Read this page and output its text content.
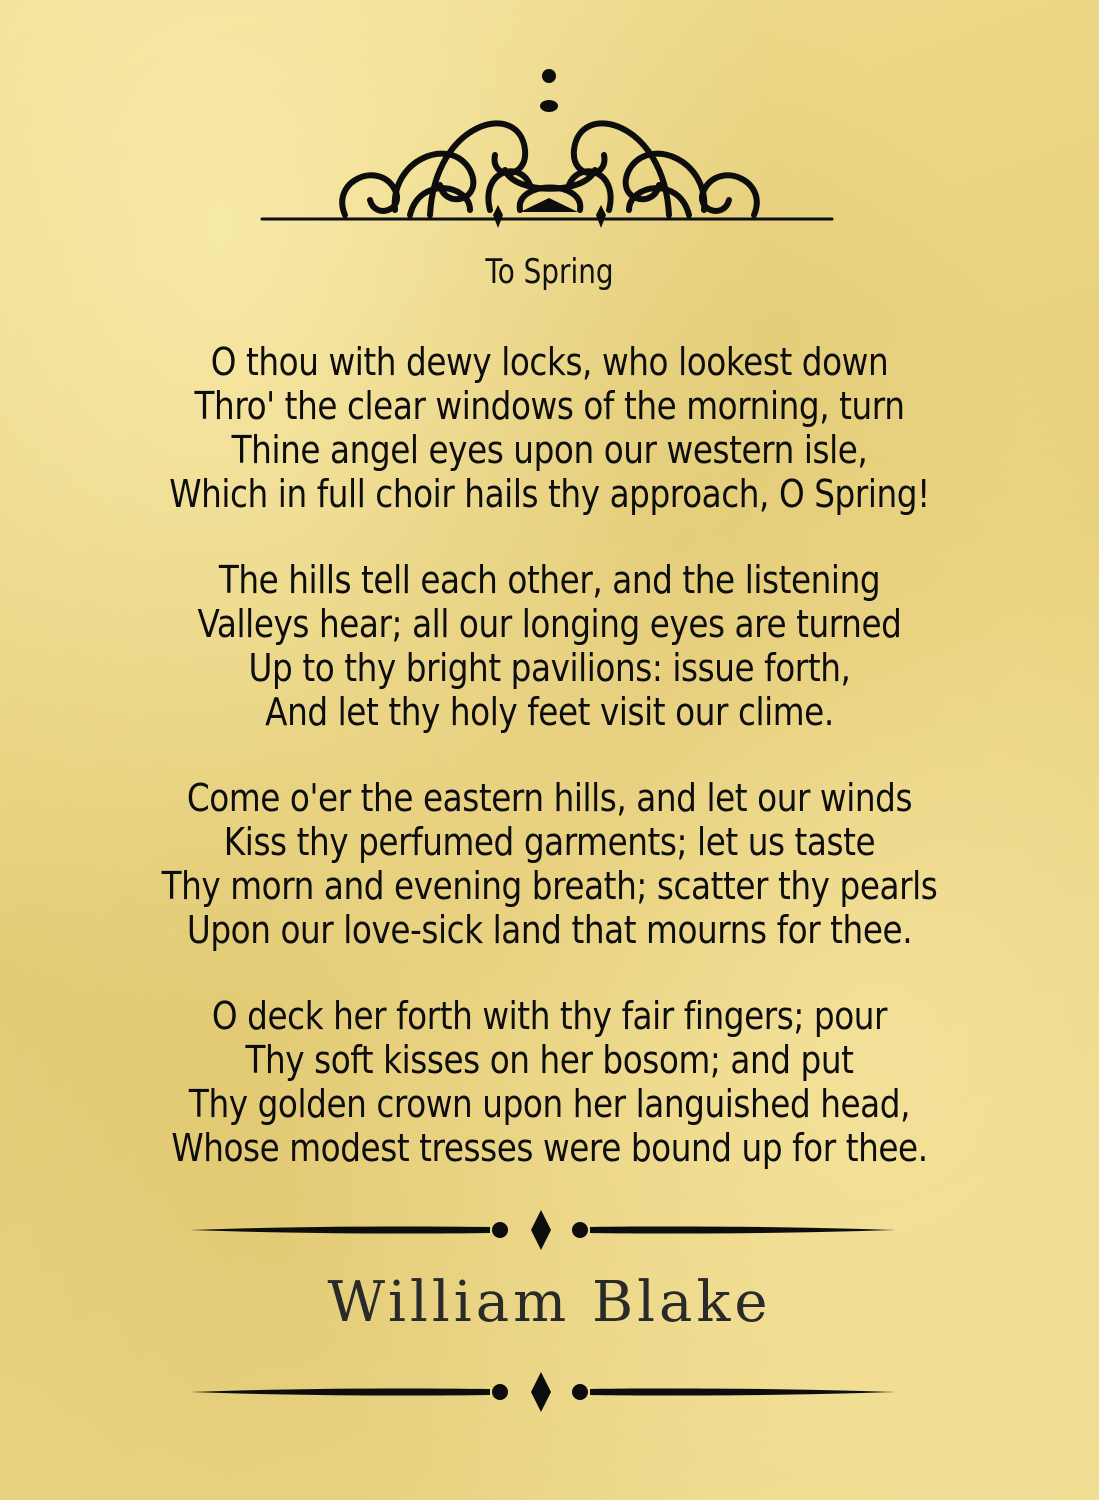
To Spring
O thou with dewy locks, who lookest down
Thro' the clear windows of the morning, turn
Thine angel eyes upon our western isle,
Which in full choir hails thy approach, O Spring!
The hills tell each other, and the listening
Valleys hear; all our longing eyes are turned
Up to thy bright pavilions: issue forth,
And let thy holy feet visit our clime.
Come o'er the eastern hills, and let our winds
Kiss thy perfumed garments; let us taste
Thy morn and evening breath; scatter thy pearls
Upon our love-sick land that mourns for thee.
O deck her forth with thy fair fingers; pour
Thy soft kisses on her bosom; and put
Thy golden crown upon her languished head,
Whose modest tresses were bound up for thee.
William Blake
